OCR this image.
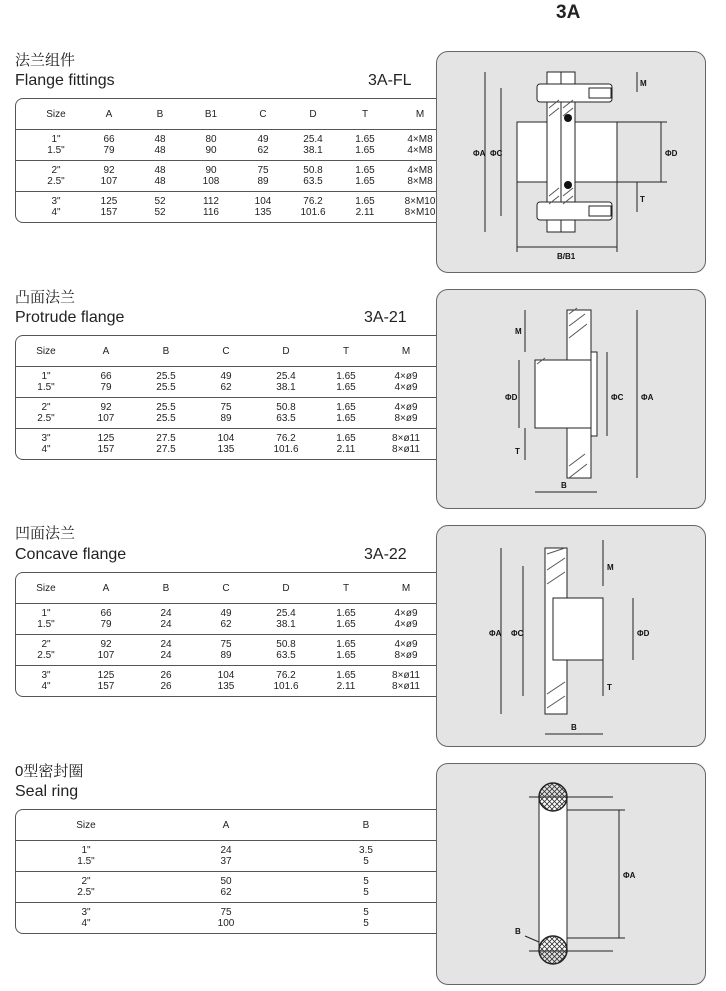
3A
法兰组件
Flange fittings	3A-FL
Size	A	B	B1	C	D	T	M
1"	66	48	80	49	25.4	1.65	4×M8
1.5"	79	48	90	62	38.1	1.65	4×M8
2"	92	48	90	75	50.8	1.65	4×M8
2.5"	107	48	108	89	63.5	1.65	8×M8
3"	125	52	112	104	76.2	1.65	8×M10
4"	157	52	116	135	101.6	2.11	8×M10
ΦA ΦC	ΦD
M
T
B/B1
凸面法兰
Protrude flange	3A-21
Size	A	B	C	D	T	M
1"	66	25.5	49	25.4	1.65	4×ø9
1.5"	79	25.5	62	38.1	1.65	4×ø9
2"	92	25.5	75	50.8	1.65	4×ø9
2.5"	107	25.5	89	63.5	1.65	8×ø9
3"	125	27.5	104	76.2	1.65	8×ø11
4"	157	27.5	135	101.6	2.11	8×ø11
ΦD	ΦC ΦA
M
T
B
凹面法兰
Concave flange	3A-22
Size	A	B	C	D	T	M
1"	66	24	49	25.4	1.65	4×ø9
1.5"	79	24	62	38.1	1.65	4×ø9
2"	92	24	75	50.8	1.65	4×ø9
2.5"	107	24	89	63.5	1.65	8×ø9
3"	125	26	104	76.2	1.65	8×ø11
4"	157	26	135	101.6	2.11	8×ø11
ΦA ΦC	ΦD
M
T
B
0型密封圈
Seal ring
Size	A	B
1"	24	3.5
1.5"	37	5
2"	50	5
2.5"	62	5
3"	75	5
4"	100	5
ΦA
B
